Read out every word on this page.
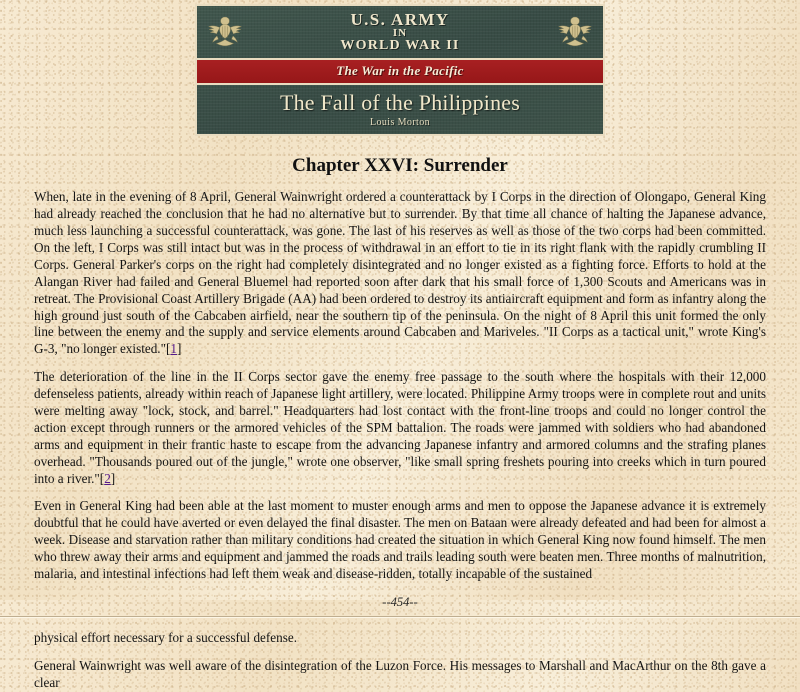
U.S. ARMY
IN
WORLD WAR II
The War in the Pacific
The Fall of the Philippines
Louis Morton
Chapter XXVI: Surrender

When, late in the evening of 8 April, General Wainwright ordered a counterattack by I Corps in the direction of Olongapo, General King had already reached the conclusion that he had no alternative but to surrender. By that time all chance of halting the Japanese advance, much less launching a successful counterattack, was gone. The last of his reserves as well as those of the two corps had been committed. On the left, I Corps was still intact but was in the process of withdrawal in an effort to tie in its right flank with the rapidly crumbling II Corps. General Parker's corps on the right had completely disintegrated and no longer existed as a fighting force. Efforts to hold at the Alangan River had failed and General Bluemel had reported soon after dark that his small force of 1,300 Scouts and Americans was in retreat. The Provisional Coast Artillery Brigade (AA) had been ordered to destroy its antiaircraft equipment and form as infantry along the high ground just south of the Cabcaben airfield, near the southern tip of the peninsula. On the night of 8 April this unit formed the only line between the enemy and the supply and service elements around Cabcaben and Mariveles. "II Corps as a tactical unit," wrote King's G-3, "no longer existed."[1]

The deterioration of the line in the II Corps sector gave the enemy free passage to the south where the hospitals with their 12,000 defenseless patients, already within reach of Japanese light artillery, were located. Philippine Army troops were in complete rout and units were melting away "lock, stock, and barrel." Headquarters had lost contact with the front-line troops and could no longer control the action except through runners or the armored vehicles of the SPM battalion. The roads were jammed with soldiers who had abandoned arms and equipment in their frantic haste to escape from the advancing Japanese infantry and armored columns and the strafing planes overhead. "Thousands poured out of the jungle," wrote one observer, "like small spring freshets pouring into creeks which in turn poured into a river."[2]

Even in General King had been able at the last moment to muster enough arms and men to oppose the Japanese advance it is extremely doubtful that he could have averted or even delayed the final disaster. The men on Bataan were already defeated and had been for almost a week. Disease and starvation rather than military conditions had created the situation in which General King now found himself. The men who threw away their arms and equipment and jammed the roads and trails leading south were beaten men. Three months of malnutrition, malaria, and intestinal infections had left them weak and disease-ridden, totally incapable of the sustained

--454--

physical effort necessary for a successful defense.

General Wainwright was well aware of the disintegration of the Luzon Force. His messages to Marshall and MacArthur on the 8th gave a clear
